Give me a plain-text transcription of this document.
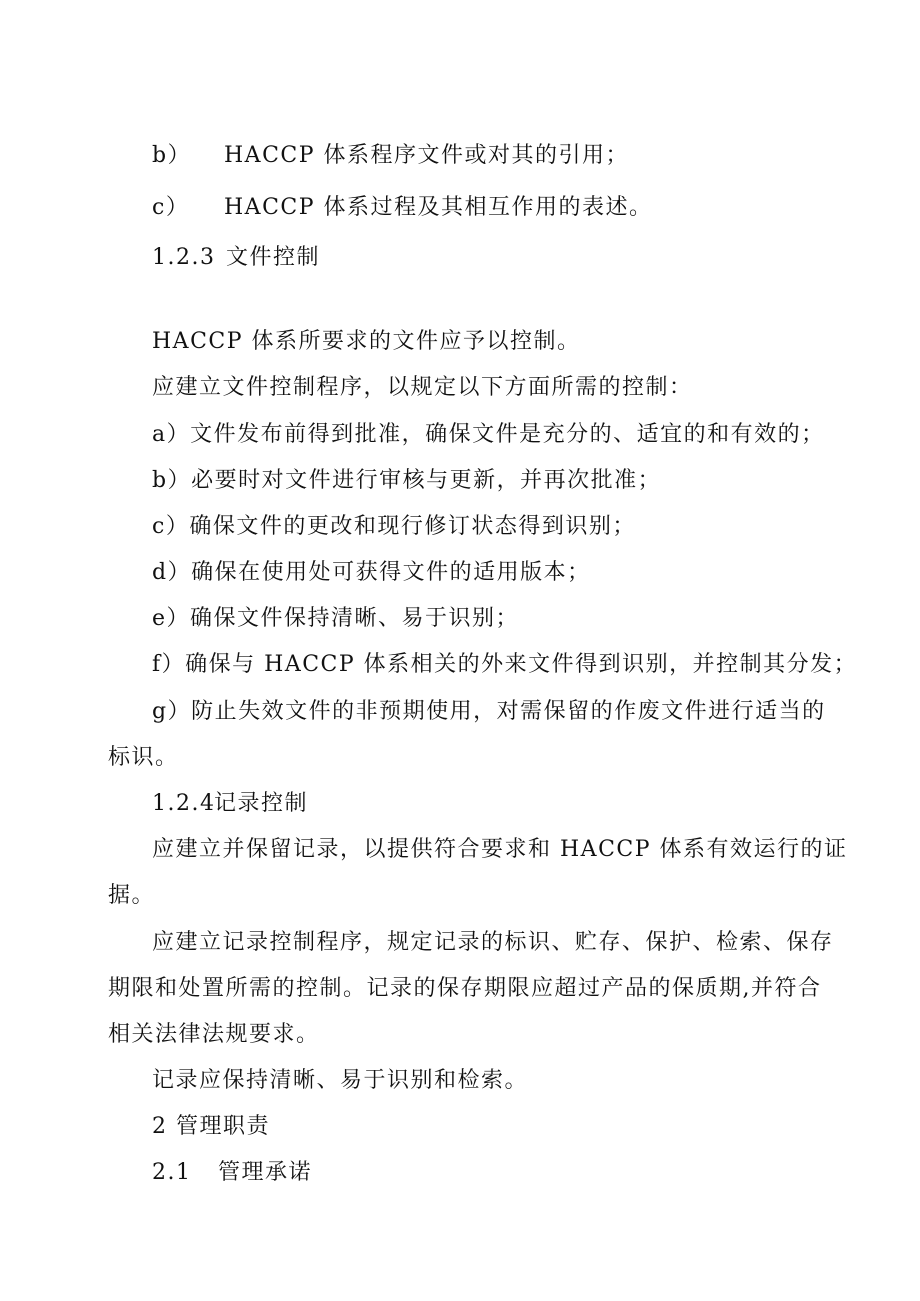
b） HACCP 体系程序文件或对其的引用；
c） HACCP 体系过程及其相互作用的表述。
1.2.3 文件控制
HACCP 体系所要求的文件应予以控制。
应建立文件控制程序，以规定以下方面所需的控制：
a）文件发布前得到批准，确保文件是充分的、适宜的和有效的；
b）必要时对文件进行审核与更新，并再次批准；
c）确保文件的更改和现行修订状态得到识别；
d）确保在使用处可获得文件的适用版本；
e）确保文件保持清晰、易于识别；
f）确保与 HACCP 体系相关的外来文件得到识别，并控制其分发；
g）防止失效文件的非预期使用，对需保留的作废文件进行适当的
标识。
1.2.4记录控制
应建立并保留记录，以提供符合要求和 HACCP 体系有效运行的证
据。
应建立记录控制程序，规定记录的标识、贮存、保护、检索、保存
期限和处置所需的控制。记录的保存期限应超过产品的保质期,并符合
相关法律法规要求。
记录应保持清晰、易于识别和检索。
2 管理职责
2.1 管理承诺
